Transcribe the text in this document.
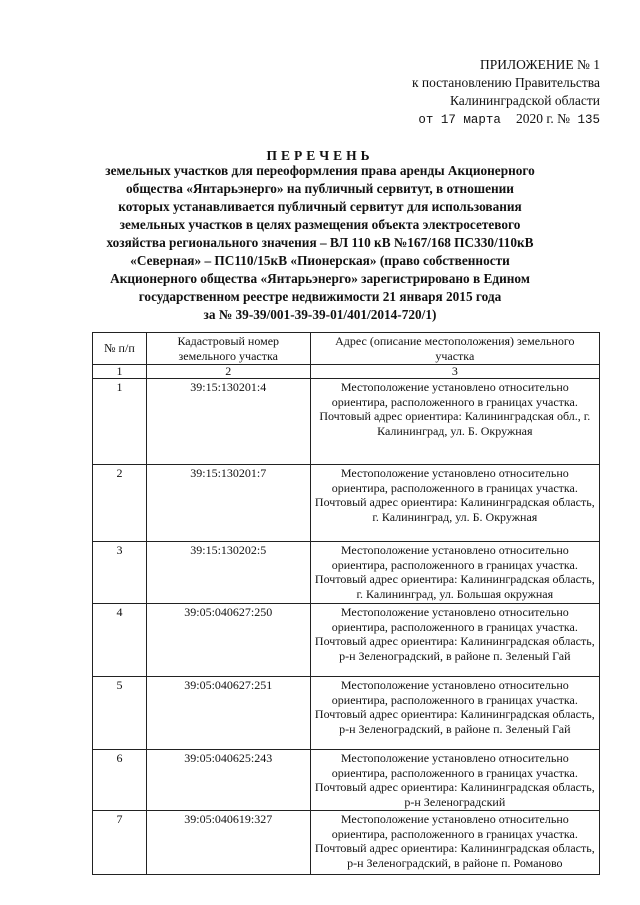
ПРИЛОЖЕНИЕ № 1
к постановлению Правительства
Калининградской области
от 17 марта 2020 г. № 135
ПЕРЕЧЕНЬ
земельных участков для переоформления права аренды Акционерного
общества «Янтарьэнерго» на публичный сервитут, в отношении
которых устанавливается публичный сервитут для использования
земельных участков в целях размещения объекта электросетевого
хозяйства регионального значения – ВЛ 110 кВ №167/168 ПС330/110кВ
«Северная» – ПС110/15кВ «Пионерская» (право собственности
Акционерного общества «Янтарьэнерго» зарегистрировано в Едином
государственном реестре недвижимости 21 января 2015 года
за № 39-39/001-39-39-01/401/2014-720/1)
№ п/п	Кадастровый номер земельного участка	Адрес (описание местоположения) земельного участка
1	2	3
1	39:15:130201:4	Местоположение установлено относительно ориентира, расположенного в границах участка. Почтовый адрес ориентира: Калининградская обл., г. Калининград, ул. Б. Окружная
2	39:15:130201:7	Местоположение установлено относительно ориентира, расположенного в границах участка. Почтовый адрес ориентира: Калининградская область, г. Калининград, ул. Б. Окружная
3	39:15:130202:5	Местоположение установлено относительно ориентира, расположенного в границах участка. Почтовый адрес ориентира: Калининградская область, г. Калининград, ул. Большая окружная
4	39:05:040627:250	Местоположение установлено относительно ориентира, расположенного в границах участка. Почтовый адрес ориентира: Калининградская область, р-н Зеленоградский, в районе п. Зеленый Гай
5	39:05:040627:251	Местоположение установлено относительно ориентира, расположенного в границах участка. Почтовый адрес ориентира: Калининградская область, р-н Зеленоградский, в районе п. Зеленый Гай
6	39:05:040625:243	Местоположение установлено относительно ориентира, расположенного в границах участка. Почтовый адрес ориентира: Калининградская область, р-н Зеленоградский
7	39:05:040619:327	Местоположение установлено относительно ориентира, расположенного в границах участка. Почтовый адрес ориентира: Калининградская область, р-н Зеленоградский, в районе п. Романово
